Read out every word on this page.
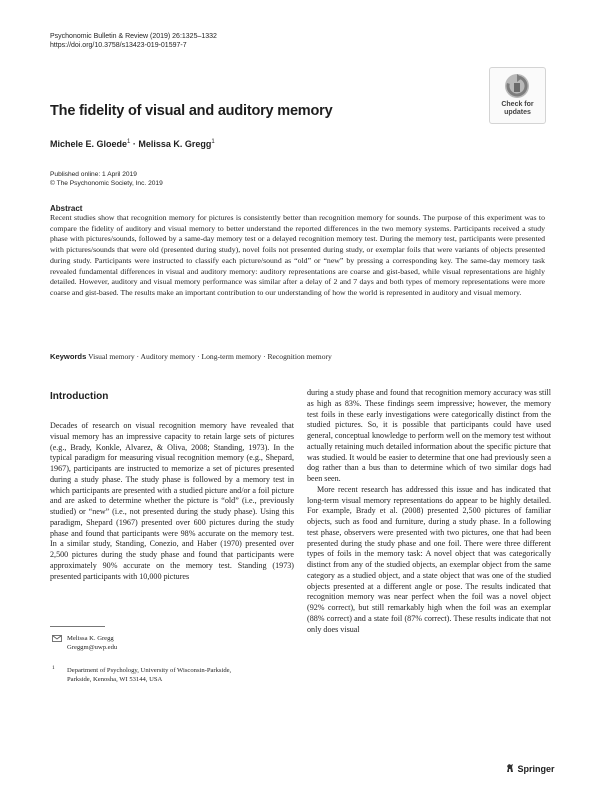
Psychonomic Bulletin & Review (2019) 26:1325–1332
https://doi.org/10.3758/s13423-019-01597-7
Check for
updates
The fidelity of visual and auditory memory
Michele E. Gloede$^1$ · Melissa K. Gregg$^1$
Published online: 1 April 2019
© The Psychonomic Society, Inc. 2019
Abstract
Recent studies show that recognition memory for pictures is consistently better than recognition memory for sounds. The purpose of this experiment was to compare the fidelity of auditory and visual memory to better understand the reported differences in the two memory systems. Participants received a study phase with pictures/sounds, followed by a same-day memory test or a delayed recognition memory test. During the memory test, participants were presented with pictures/sounds that were old (presented during study), novel foils not presented during study, or exemplar foils that were variants of objects presented during study. Participants were instructed to classify each picture/sound as “old” or “new” by pressing a corresponding key. The same-day memory task revealed fundamental differences in visual and auditory memory: auditory representations are coarse and gist-based, while visual representations are highly detailed. However, auditory and visual memory performance was similar after a delay of 2 and 7 days and both types of memory representations were more coarse and gist-based. The results make an important contribution to our understanding of how the world is represented in auditory and visual memory.
Keywords Visual memory · Auditory memory · Long-term memory · Recognition memory
Introduction

Decades of research on visual recognition memory have revealed that visual memory has an impressive capacity to retain large sets of pictures (e.g., Brady, Konkle, Alvarez, & Oliva, 2008; Standing, 1973). In the typical paradigm for measuring visual recognition memory (e.g., Shepard, 1967), participants are instructed to memorize a set of pictures presented during a study phase. The study phase is followed by a memory test in which participants are presented with a studied picture and/or a foil picture and are asked to determine whether the picture is “old” (i.e., previously studied) or “new” (i.e., not presented during the study phase). Using this paradigm, Shepard (1967) presented over 600 pictures during the study phase and found that participants were 98% accurate on the memory test. In a similar study, Standing, Conezio, and Haber (1970) presented over 2,500 pictures during the study phase and found that participants were approximately 90% accurate on the memory test. Standing (1973) presented participants with 10,000 pictures

during a study phase and found that recognition memory accuracy was still as high as 83%. These findings seem impressive; however, the memory test foils in these early investigations were categorically distinct from the studied pictures. So, it is possible that participants could have used general, conceptual knowledge to perform well on the memory test without actually retaining much detailed information about the specific picture that was studied. It would be easier to determine that one had previously seen a dog rather than a bus than to determine which of two similar dogs had been seen.

More recent research has addressed this issue and has indicated that long-term visual memory representations do appear to be highly detailed. For example, Brady et al. (2008) presented 2,500 pictures of familiar objects, such as food and furniture, during a study phase. In a following test phase, observers were presented with two pictures, one that had been presented during the study phase and one foil. There were three different types of foils in the memory task: A novel object that was categorically distinct from any of the studied objects, an exemplar object from the same category as a studied object, and a state object that was one of the studied objects presented at a different angle or pose. The results indicated that recognition memory was near perfect when the foil was a novel object (92% correct), but still remarkably high when the foil was an exemplar (88% correct) and a state foil (87% correct). These results indicate that not only does visual

Melissa K. Gregg
Greggm@uwp.edu
1 Department of Psychology, University of Wisconsin-Parkside,
Parkside, Kenosha, WI 53144, USA
Springer
